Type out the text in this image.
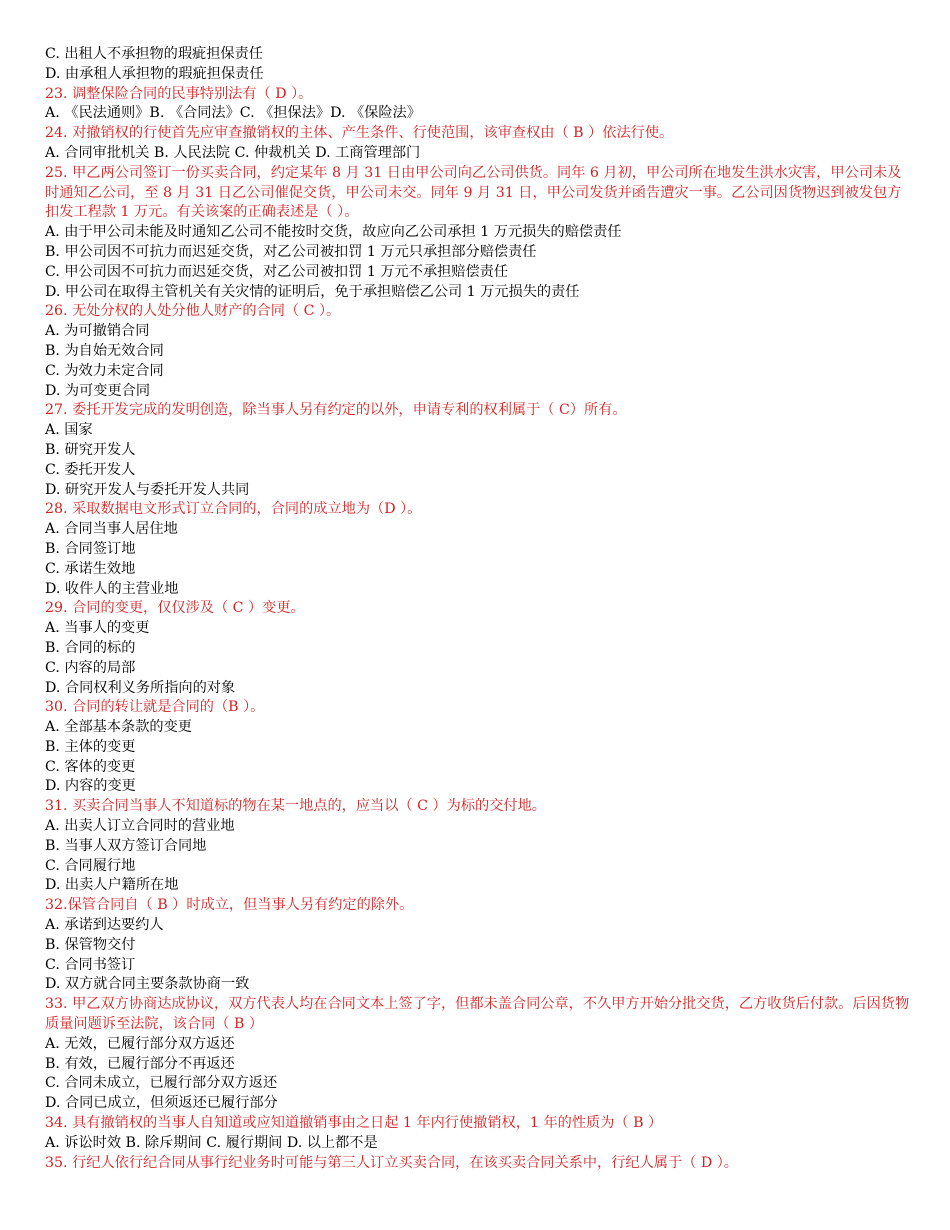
C. 出租人不承担物的瑕疵担保责任
D. 由承租人承担物的瑕疵担保责任
23. 调整保险合同的民事特别法有（ D ）。
A. 《民法通则》B. 《合同法》C. 《担保法》D. 《保险法》
24. 对撤销权的行使首先应审查撤销权的主体、产生条件、行使范围，该审查权由（ B ）依法行使。
A. 合同审批机关 B. 人民法院 C. 仲裁机关 D. 工商管理部门
25. 甲乙两公司签订一份买卖合同，约定某年 8 月 31 日由甲公司向乙公司供货。同年 6 月初，甲公司所在地发生洪水灾害，甲公司未及时通知乙公司，至 8 月 31 日乙公司催促交货，甲公司未交。同年 9 月 31 日，甲公司发货并函告遭灾一事。乙公司因货物迟到被发包方扣发工程款 1 万元。有关该案的正确表述是（ ）。
A. 由于甲公司未能及时通知乙公司不能按时交货，故应向乙公司承担 1 万元损失的赔偿责任
B. 甲公司因不可抗力而迟延交货，对乙公司被扣罚 1 万元只承担部分赔偿责任
C. 甲公司因不可抗力而迟延交货，对乙公司被扣罚 1 万元不承担赔偿责任
D. 甲公司在取得主管机关有关灾情的证明后，免于承担赔偿乙公司 1 万元损失的责任
26. 无处分权的人处分他人财产的合同（ C ）。
A. 为可撤销合同
B. 为自始无效合同
C. 为效力未定合同
D. 为可变更合同
27. 委托开发完成的发明创造，除当事人另有约定的以外，申请专利的权利属于（ C）所有。
A. 国家
B. 研究开发人
C. 委托开发人
D. 研究开发人与委托开发人共同
28. 采取数据电文形式订立合同的，合同的成立地为（D ）。
A. 合同当事人居住地
B. 合同签订地
C. 承诺生效地
D. 收件人的主营业地
29. 合同的变更，仅仅涉及（ C ）变更。
A. 当事人的变更
B. 合同的标的
C. 内容的局部
D. 合同权利义务所指向的对象
30. 合同的转让就是合同的（B ）。
A. 全部基本条款的变更
B. 主体的变更
C. 客体的变更
D. 内容的变更
31. 买卖合同当事人不知道标的物在某一地点的，应当以（ C ）为标的交付地。
A. 出卖人订立合同时的营业地
B. 当事人双方签订合同地
C. 合同履行地
D. 出卖人户籍所在地
32.保管合同自（ B ）时成立，但当事人另有约定的除外。
A. 承诺到达要约人
B. 保管物交付
C. 合同书签订
D. 双方就合同主要条款协商一致
33. 甲乙双方协商达成协议，双方代表人均在合同文本上签了字，但都未盖合同公章，不久甲方开始分批交货，乙方收货后付款。后因货物质量问题诉至法院，该合同（ B ）
A. 无效，已履行部分双方返还
B. 有效，已履行部分不再返还
C. 合同未成立，已履行部分双方返还
D. 合同已成立，但须返还已履行部分
34. 具有撤销权的当事人自知道或应知道撤销事由之日起 1 年内行使撤销权，1 年的性质为（ B ）
A. 诉讼时效 B. 除斥期间 C. 履行期间 D. 以上都不是
35. 行纪人依行纪合同从事行纪业务时可能与第三人订立买卖合同，在该买卖合同关系中，行纪人属于（ D ）。
